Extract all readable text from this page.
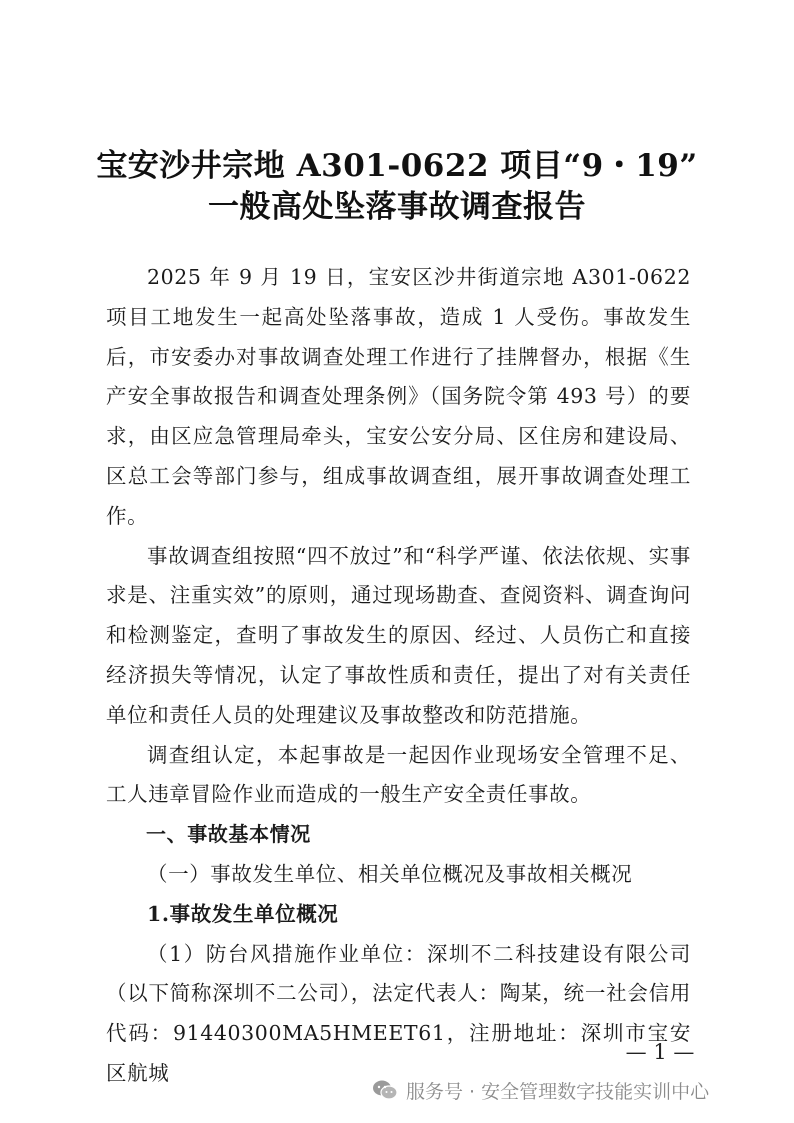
宝安沙井宗地 A301-0622 项目“9・19”
一般高处坠落事故调查报告

2025 年 9 月 19 日，宝安区沙井街道宗地 A301-0622 项目工地发生一起高处坠落事故，造成 1 人受伤。事故发生后，市安委办对事故调查处理工作进行了挂牌督办，根据《生产安全事故报告和调查处理条例》（国务院令第 493 号）的要求，由区应急管理局牵头，宝安公安分局、区住房和建设局、区总工会等部门参与，组成事故调查组，展开事故调查处理工作。

事故调查组按照“四不放过”和“科学严谨、依法依规、实事求是、注重实效”的原则，通过现场勘查、查阅资料、调查询问和检测鉴定，查明了事故发生的原因、经过、人员伤亡和直接经济损失等情况，认定了事故性质和责任，提出了对有关责任单位和责任人员的处理建议及事故整改和防范措施。

调查组认定，本起事故是一起因作业现场安全管理不足、工人违章冒险作业而造成的一般生产安全责任事故。

一、事故基本情况

（一）事故发生单位、相关单位概况及事故相关概况

1.事故发生单位概况

（1）防台风措施作业单位：深圳不二科技建设有限公司（以下简称深圳不二公司），法定代表人：陶某，统一社会信用代码：91440300MA5HMEET61，注册地址：深圳市宝安区航城

— 1 —
服务号 · 安全管理数字技能实训中心
